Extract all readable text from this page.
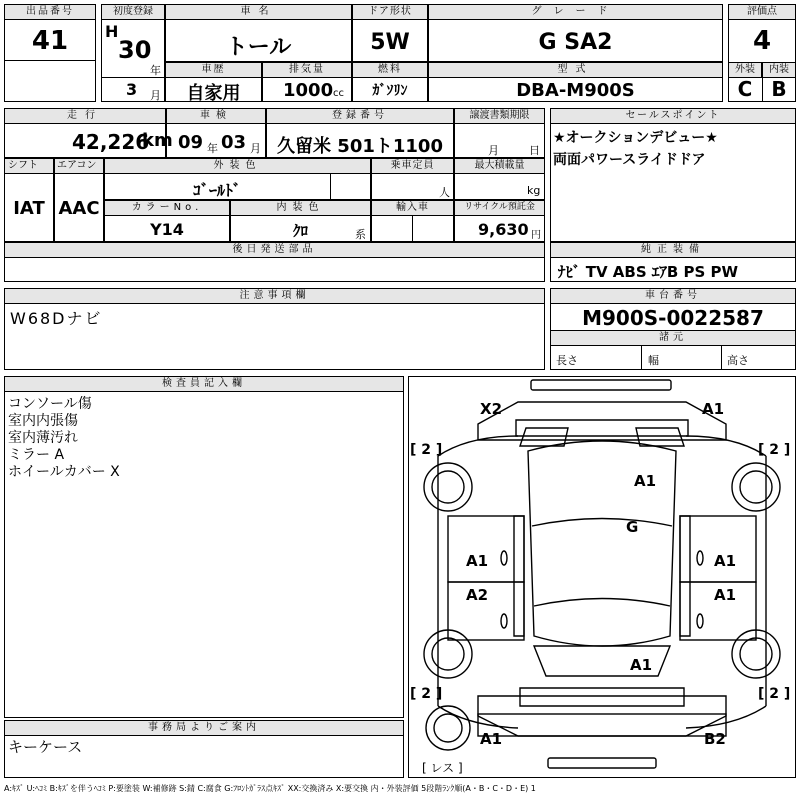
出品番号
41
初度登録
H
30
年
3 月
車名
トール
ドア形状
5W
グレード
G SA2
評価点
4
外装	内装
C B
車歴
自家用
排気量
1000 cc
燃料
ｶﾞｿﾘﾝ
型式
DBA-M900S
走行
42,226
km
車検
09 年 03 月
登録番号
久留米 501ト1100
譲渡書類期限
月	日
セールスポイント
★オークションデビュー★
両面パワースライドドア
シフト
IAT
エアコン
AAC
外装色
ｺﾞｰﾙﾄﾞ
乗車定員
人
最大積載量
kg
カラーNo.
Y14
内装色
ｸﾛ	系
輸入車	リサイクル預託金
9,630 円
後日発送部品	純正装備
ﾅﾋﾞ TV ABS ｴｱB PS PW
注意事項欄
W68Dナビ
車台番号
M900S-0022587
諸元
長さ	幅	高さ
検査員記入欄
コンソール傷
室内内張傷
室内薄汚れ
ミラー A
ホイールカバー X
事務局よりご案内
キーケース
X2	A1
A1
G
A1	A1
A2	A1
A1
A1	B2
[ 2 ]	[ 2 ]
[ 2 ]	[ 2 ]
[ レス ]
A:ｷｽﾞ U:ﾍｺﾐ B:ｷｽﾞを伴うﾍｺﾐ P:要塗装 W:補修跡 S:錆 C:腐食 G:ﾌﾛﾝﾄｶﾞﾗｽ点ｷｽﾞ XX:交換済み X:要交換 内・外装評価 5段階ﾗﾝｸ順(A・B・C・D・E) 1
